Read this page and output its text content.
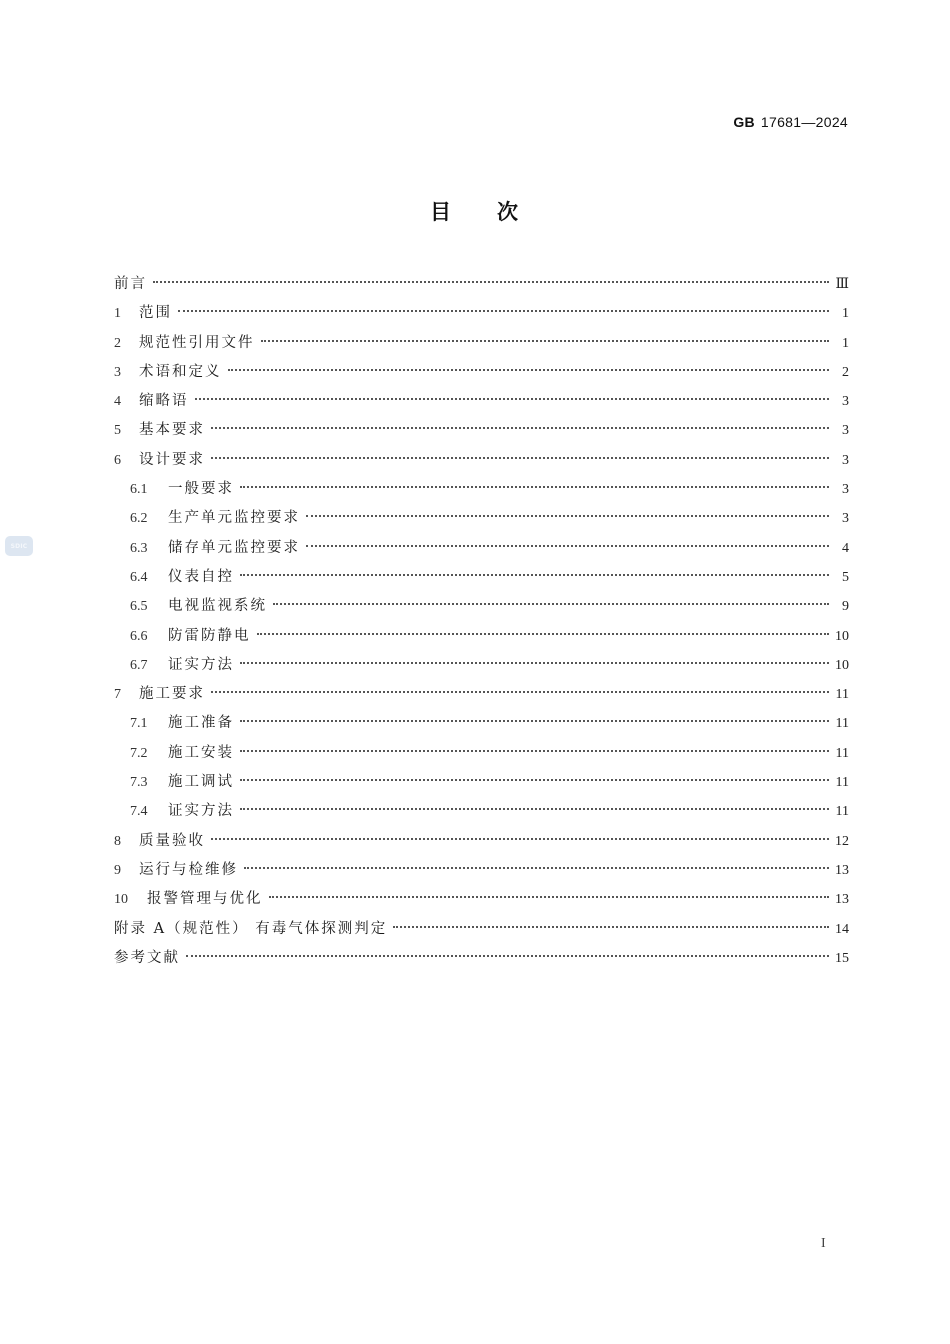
GB 17681—2024
SDIC
目次
前言	Ⅲ
1	范围	1
2	规范性引用文件	1
3	术语和定义	2
4	缩略语	3
5	基本要求	3
6	设计要求	3
6.1	一般要求	3
6.2	生产单元监控要求	3
6.3	储存单元监控要求	4
6.4	仪表自控	5
6.5	电视监视系统	9
6.6	防雷防静电	10
6.7	证实方法	10
7	施工要求	11
7.1	施工准备	11
7.2	施工安装	11
7.3	施工调试	11
7.4	证实方法	11
8	质量验收	12
9	运行与检维修	13
10	报警管理与优化	13
附录 A（规范性） 有毒气体探测判定	14
参考文献	15
I
